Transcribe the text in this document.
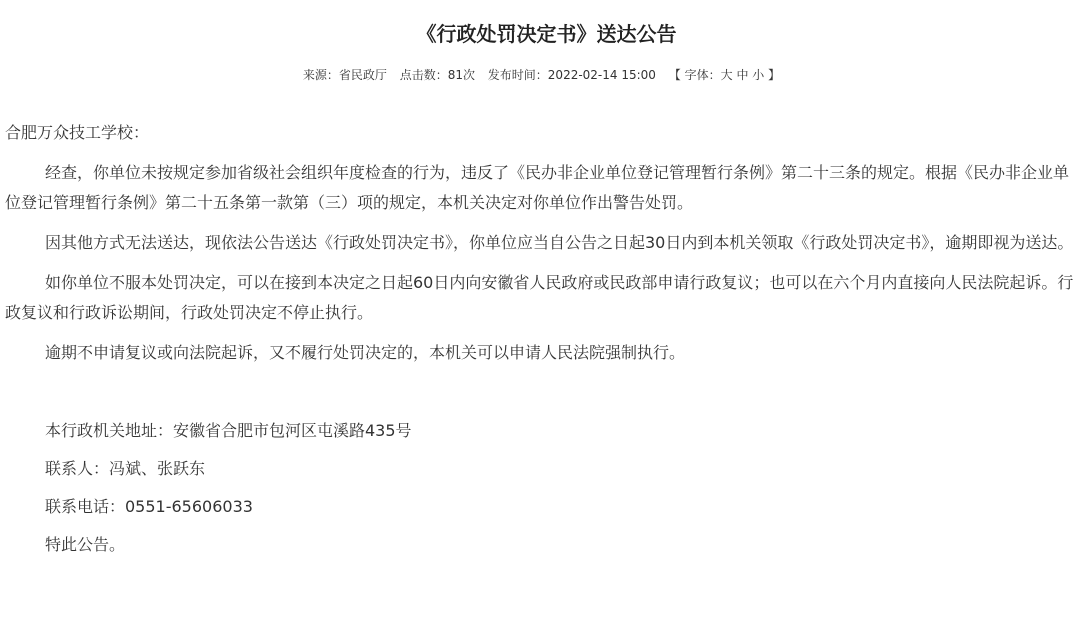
《行政处罚决定书》送达公告
来源：省民政厅 点击数：81次 发布时间：2022-02-14 15:00 【 字体：大 中 小 】

合肥万众技工学校：

经查，你单位未按规定参加省级社会组织年度检查的行为，违反了《民办非企业单位登记管理暂行条例》第二十三条的规定。根据《民办非企业单位登记管理暂行条例》第二十五条第一款第（三）项的规定，本机关决定对你单位作出警告处罚。

因其他方式无法送达，现依法公告送达《行政处罚决定书》，你单位应当自公告之日起30日内到本机关领取《行政处罚决定书》，逾期即视为送达。

如你单位不服本处罚决定，可以在接到本决定之日起60日内向安徽省人民政府或民政部申请行政复议；也可以在六个月内直接向人民法院起诉。行政复议和行政诉讼期间，行政处罚决定不停止执行。

逾期不申请复议或向法院起诉，又不履行处罚决定的，本机关可以申请人民法院强制执行。

本行政机关地址：安徽省合肥市包河区屯溪路435号

联系人：冯斌、张跃东

联系电话：0551-65606033

特此公告。
